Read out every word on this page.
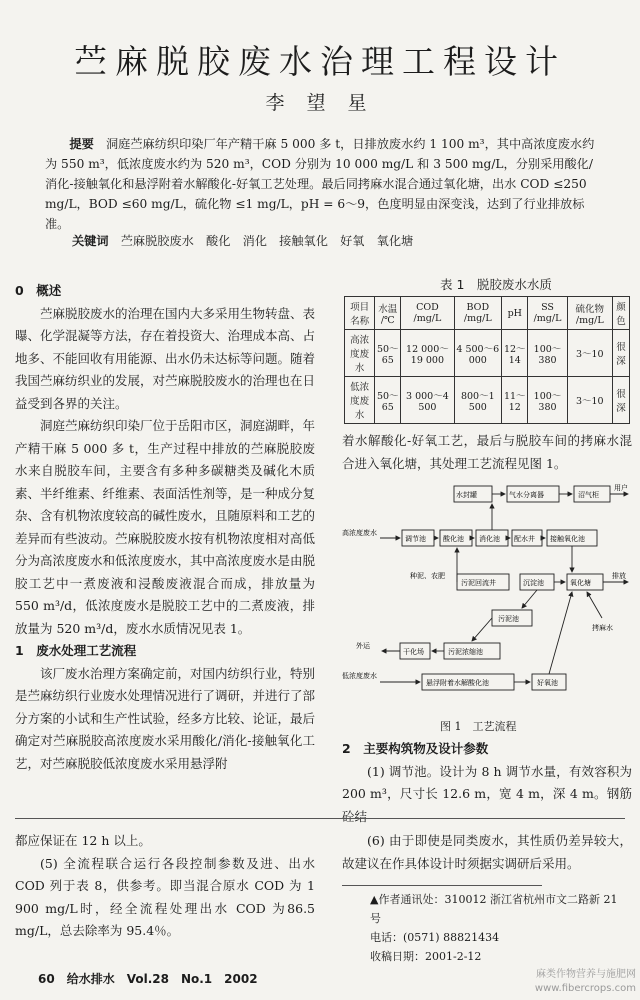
苎麻脱胶废水治理工程设计
李 望 星
提要　 洞庭苎麻纺织印染厂年产精干麻 5 000 多 t，日排放废水约 1 100 m³，其中高浓度废水约为 550 m³，低浓度废水约为 520 m³，COD 分别为 10 000 mg/L 和 3 500 mg/L，分别采用酸化/消化-接触氧化和悬浮附着水解酸化-好氧工艺处理。最后同拷麻水混合通过氧化塘，出水 COD ≤250 mg/L，BOD ≤60 mg/L，硫化物 ≤1 mg/L，pH = 6～9，色度明显由深变浅，达到了行业排放标准。
关键词　 苎麻脱胶废水　酸化　消化　接触氧化　好氧　氧化塘
0　概述

苎麻脱胶废水的治理在国内大多采用生物转盘、表曝、化学混凝等方法，存在着投资大、治理成本高、占地多、不能回收有用能源、出水仍未达标等问题。随着我国苎麻纺织业的发展，对苎麻脱胶废水的治理也在日益受到各界的关注。

洞庭苎麻纺织印染厂位于岳阳市区，洞庭湖畔，年产精干麻 5 000 多 t，生产过程中排放的苎麻脱胶废水来自脱胶车间，主要含有多种多碳糖类及碱化木质素、半纤维素、纤维素、表面活性剂等，是一种成分复杂、含有机物浓度较高的碱性废水，且随原料和工艺的差异而有些波动。苎麻脱胶废水按有机物浓度相对高低分为高浓度废水和低浓度废水，其中高浓度废水是由脱胶工艺中一煮废液和浸酸废液混合而成，排放量为 550 m³/d，低浓度废水是脱胶工艺中的二煮废液，排放量为 520 m³/d，废水水质情况见表 1。

1　废水处理工艺流程

该厂废水治理方案确定前，对国内纺织行业，特别是苎麻纺织行业废水处理情况进行了调研，并进行了部分方案的小试和生产性试验，经多方比较、论证，最后确定对苎麻脱胶高浓度废水采用酸化/消化-接触氧化工艺，对苎麻脱胶低浓度废水采用悬浮附

表 1　脱胶废水水质
项目 名称	水温 /℃	COD /mg/L	BOD /mg/L	pH	SS /mg/L	硫化物 /mg/L	颜色
高浓度废水	50～65	12 000～19 000	4 500～6 000	12～14	100～380	3～10	很深
低浓度废水	50～65	3 000～4 500	800～1 500	11～12	100～380	3～10	很深
着水解酸化-好氧工艺，最后与脱胶车间的拷麻水混合进入氧化塘，其处理工艺流程见图 1。
水封罐	气水分离器	沼气柜
用户
高浓度废水
调节池 酸化池 消化池 配水井 接触氧化池
种泥、农肥
污泥回流井	沉淀池	氧化塘
排放
污泥池
拷麻水
外运
干化场	污泥浓缩池
低浓度废水
悬浮附着水解酸化池	好氧池
图 1　工艺流程
2　主要构筑物及设计参数

(1) 调节池。设计为 8 h 调节水量，有效容积为 200 m³，尺寸长 12.6 m，宽 4 m，深 4 m。钢筋砼结

都应保证在 12 h 以上。

(5) 全流程联合运行各段控制参数及进、出水 COD 列于表 8，供参考。即当混合原水 COD 为 1 900 mg/L时，经全流程处理出水 COD 为86.5 mg/L，总去除率为 95.4％。

(6) 由于即使是同类废水，其性质仍差异较大，故建议在作具体设计时须据实调研后采用。

▲作者通讯处：310012 浙江省杭州市文二路新 21 号
电话：(0571) 88821434
收稿日期：2001-2-12
60　给水排水　Vol.28　No.1　2002	麻类作物营养与施肥网
www.fibercrops.com
